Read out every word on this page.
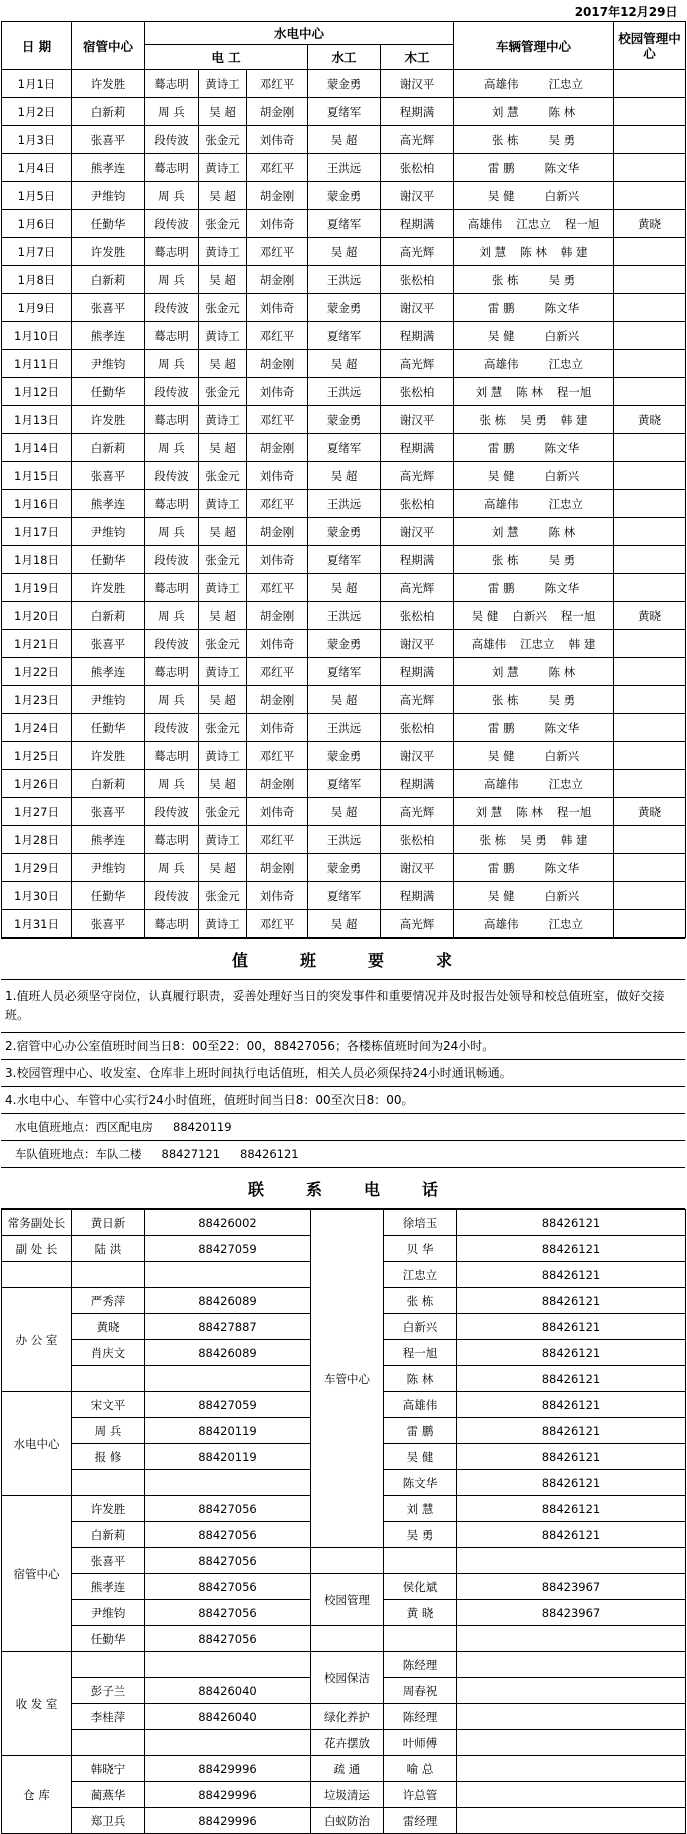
2017年12月29日								
日 期	宿管中心	水电中心					车辆管理中心	校园管理中心
		电 工			水工	木工		
1月1日	许发胜	蓦志明	黄诗工	邓红平	蒙金勇	谢汉平	高雄伟 江忠立	
1月2日	白新莉	周 兵	吴 超	胡金刚	夏绪军	程期满	刘 慧 陈 林	
1月3日	张喜平	段传波	张金元	刘伟奇	吴 超	高光辉	张 栋 吴 勇	
1月4日	熊孝连	蓦志明	黄诗工	邓红平	王洪远	张松柏	雷 鹏 陈文华	
1月5日	尹维钧	周 兵	吴 超	胡金刚	蒙金勇	谢汉平	吴 健 白新兴	
1月6日	任勤华	段传波	张金元	刘伟奇	夏绪军	程期满	高雄伟 江忠立 程一旭	黄晓
1月7日	许发胜	蓦志明	黄诗工	邓红平	吴 超	高光辉	刘 慧 陈 林 韩 建	
1月8日	白新莉	周 兵	吴 超	胡金刚	王洪远	张松柏	张 栋 吴 勇	
1月9日	张喜平	段传波	张金元	刘伟奇	蒙金勇	谢汉平	雷 鹏 陈文华	
1月10日	熊孝连	蓦志明	黄诗工	邓红平	夏绪军	程期满	吴 健 白新兴	
1月11日	尹维钧	周 兵	吴 超	胡金刚	吴 超	高光辉	高雄伟 江忠立	
1月12日	任勤华	段传波	张金元	刘伟奇	王洪远	张松柏	刘 慧 陈 林 程一旭	
1月13日	许发胜	蓦志明	黄诗工	邓红平	蒙金勇	谢汉平	张 栋 吴 勇 韩 建	黄晓
1月14日	白新莉	周 兵	吴 超	胡金刚	夏绪军	程期满	雷 鹏 陈文华	
1月15日	张喜平	段传波	张金元	刘伟奇	吴 超	高光辉	吴 健 白新兴	
1月16日	熊孝连	蓦志明	黄诗工	邓红平	王洪远	张松柏	高雄伟 江忠立	
1月17日	尹维钧	周 兵	吴 超	胡金刚	蒙金勇	谢汉平	刘 慧 陈 林	
1月18日	任勤华	段传波	张金元	刘伟奇	夏绪军	程期满	张 栋 吴 勇	
1月19日	许发胜	蓦志明	黄诗工	邓红平	吴 超	高光辉	雷 鹏 陈文华	
1月20日	白新莉	周 兵	吴 超	胡金刚	王洪远	张松柏	吴 健 白新兴 程一旭	黄晓
1月21日	张喜平	段传波	张金元	刘伟奇	蒙金勇	谢汉平	高雄伟 江忠立 韩 建	
1月22日	熊孝连	蓦志明	黄诗工	邓红平	夏绪军	程期满	刘 慧 陈 林	
1月23日	尹维钧	周 兵	吴 超	胡金刚	吴 超	高光辉	张 栋 吴 勇	
1月24日	任勤华	段传波	张金元	刘伟奇	王洪远	张松柏	雷 鹏 陈文华	
1月25日	许发胜	蓦志明	黄诗工	邓红平	蒙金勇	谢汉平	吴 健 白新兴	
1月26日	白新莉	周 兵	吴 超	胡金刚	夏绪军	程期满	高雄伟 江忠立	
1月27日	张喜平	段传波	张金元	刘伟奇	吴 超	高光辉	刘 慧 陈 林 程一旭	黄晓
1月28日	熊孝连	蓦志明	黄诗工	邓红平	王洪远	张松柏	张 栋 吴 勇 韩 建	
1月29日	尹维钧	周 兵	吴 超	胡金刚	蒙金勇	谢汉平	雷 鹏 陈文华	
1月30日	任勤华	段传波	张金元	刘伟奇	夏绪军	程期满	吴 健 白新兴	
1月31日	张喜平	蓦志明	黄诗工	邓红平	吴 超	高光辉	高雄伟 江忠立	
值	班	要	求

1.值班人员必须坚守岗位，认真履行职责，妥善处理好当日的突发事件和重要情况并及时报告处领导和校总值班室，做好交接班。
2.宿管中心办公室值班时间当日8：00至22：00，88427056；各楼栋值班时间为24小时。
3.校园管理中心、收发室、仓库非上班时间执行电话值班，相关人员必须保持24小时通讯畅通。
4.水电中心、车管中心实行24小时值班，值班时间当日8：00至次日8：00。
水电值班地点：西区配电房 88420119
车队值班地点：车队二楼 88427121 88426121

联	系	电	话
常务副处长	黄日新	88426002	车管中心	徐培玉	88426121
副 处 长	陆 洪	88427059		贝 华	88426121
				江忠立	88426121
办 公 室	严秀萍	88426089		张 栋	88426121
	黄晓	88427887		白新兴	88426121
	肖庆文	88426089		程一旭	88426121
				陈 林	88426121
水电中心	宋文平	88427059		高雄伟	88426121
	周 兵	88420119		雷 鹏	88426121
	报 修	88420119		吴 健	88426121
				陈文华	88426121
宿管中心	许发胜	88427056		刘 慧	88426121
	白新莉	88427056		吴 勇	88426121
	张喜平	88427056			
	熊孝连	88427056	校园管理	侯化斌	88423967
	尹维钧	88427056		黄 晓	88423967
	任勤华	88427056			
收 发 室			校园保洁	陈经理	
	彭子兰	88426040		周春祝	
	李桂萍	88426040	绿化养护	陈经理	
			花卉摆放	叶师傅	
仓 库	韩晓宁	88429996	疏 通	喻 总	
	蔺燕华	88429996	垃圾清运	许总管	
	郑卫兵	88429996	白蚁防治	雷经理	
